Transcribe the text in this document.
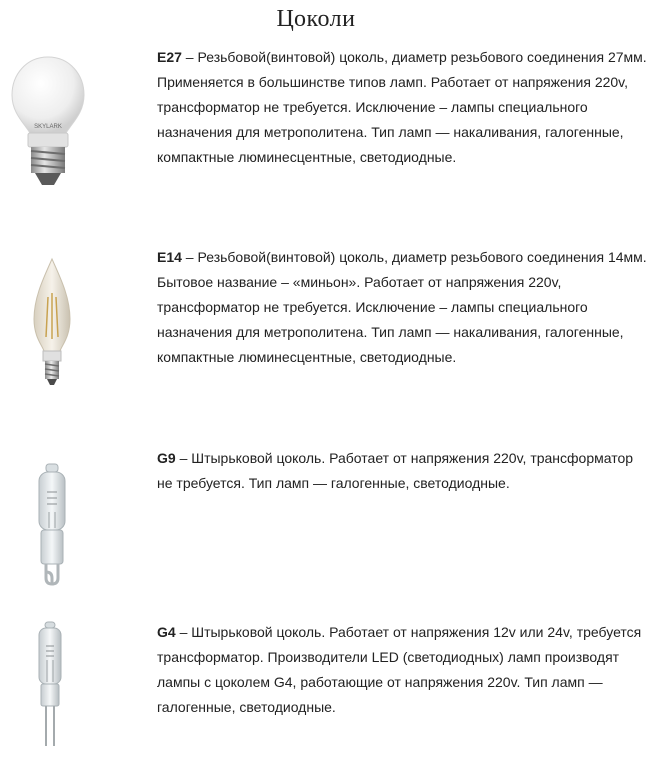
Цоколи
SKYLARK
E27 – Резьбовой(винтовой) цоколь, диаметр резьбового соединения 27мм. Применяется в большинстве типов ламп. Работает от напряжения 220v, трансформатор не требуется. Исключение – лампы специального назначения для метрополитена. Тип ламп — накаливания, галогенные, компактные люминесцентные, светодиодные.
E14 – Резьбовой(винтовой) цоколь, диаметр резьбового соединения 14мм. Бытовое название – «миньон». Работает от напряжения 220v, трансформатор не требуется. Исключение – лампы специального назначения для метрополитена. Тип ламп — накаливания, галогенные, компактные люминесцентные, светодиодные.
G9 – Штырьковой цоколь. Работает от напряжения 220v, трансформатор не требуется. Тип ламп — галогенные, светодиодные.
G4 – Штырьковой цоколь. Работает от напряжения 12v или 24v, требуется трансформатор. Производители LED (светодиодных) ламп производят лампы с цоколем G4, работающие от напряжения 220v. Тип ламп — галогенные, светодиодные.
